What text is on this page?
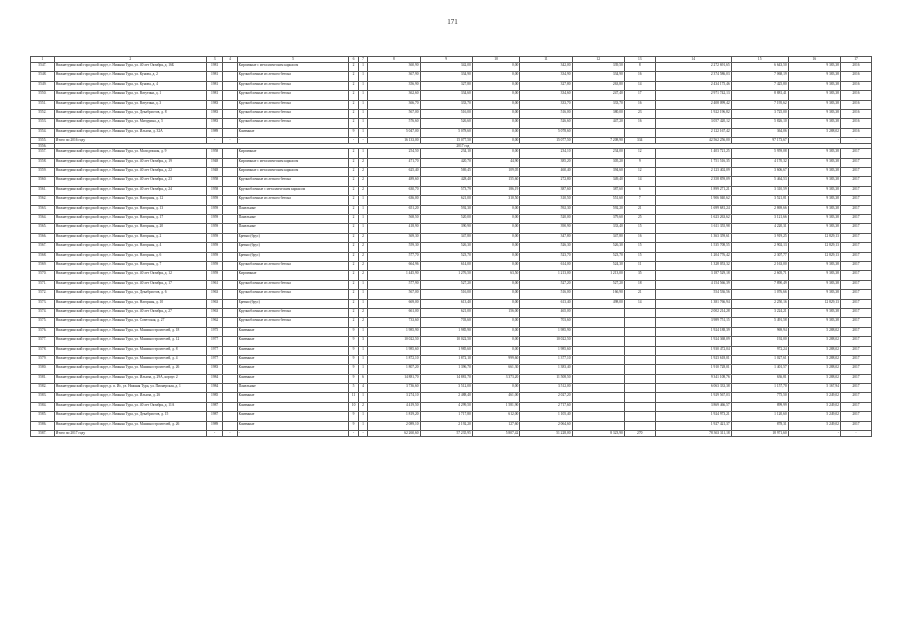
171
1	2	3	4	5	6	7	8	9	10	11	12	13	14	15	16	17
5547.	Нижнетуринский городской округ, г. Нижняя Тура, ул. 40 лет Октября, д. 16Б	1981		Кирпичные с металлическим каркасом	2	1	360,90	342,00	0,00	342,00	339,50	8	2 272 691,65	6 643,50	9 383,38	2016
5548.	Нижнетуринский городской округ, г. Нижняя Тура, ул. Кунова, д. 2	1981		Крупноблочные из легкого бетона	2	1	367,90	334,90	0,00	334,90	334,90	16	2 374 586,03	7 068,19	9 383,38	2016
5549.	Нижнетуринский городской округ, г. Нижняя Тура, ул. Кунова, д. 4	1981		Крупноблочные из легкого бетона	2	1	356,90	327,80	0,00	327,80	263,80	14	2 434 175,46	7 425,80	9 383,38	2016
5550.	Нижнетуринский городской округ, г. Нижняя Тура, ул. Ватутина, д. 1	1981		Крупноблочные из легкого бетона	2	1	362,60	334,60	0,00	334,60	247,40	17	2 971 742,13	8 881,41	9 383,38	2016
5551.	Нижнетуринский городской округ, г. Нижняя Тура, ул. Ватутина, д. 3	1983		Крупноблочные из легкого бетона	2	1	366,70	333,70	0,00	333,70	333,70	16	2 408 099,42	7 195,62	9 383,38	2016
5552.	Нижнетуринский городской округ, г. Нижняя Тура, ул. Декабристов, д. 8	1983		Крупноблочные из легкого бетона	2	1	567,00	516,00	0,00	516,00	380,00	23	1 922 196,82	3 725,00	9 383,38	2016
5553.	Нижнетуринский городской округ, г. Нижняя Тура, ул. Мичурина, д. 5	1983		Крупноблочные из легкого бетона	2	1	576,60	526,60	0,00	526,60	447,20	16	3 057 420,12	5 826,10	9 383,38	2016
5554.	Нижнетуринский городской округ, г. Нижняя Тура, ул. Ильича, д. 32А	1989		Каменные	9	1	5 047,00	5 078,60	0,00	5 078,60			2 122 167,42	364,06	5 288,02	2016
5555.	Итого по 2016 году	-	-	-	-	-	16 133,00	15 077,50	0,00	15 077,50	7 208,90	334	42 562 256,00	97 173,67	-	-
5556.	2017 год															
5557.	Нижнетуринский городской округ, г. Нижняя Тура, ул. Молодежная, д. 9	1958		Кирпичные	2	1	254,50	234,10	0,00	234,10	234,00	12	1 403 721,25	5 959,08	9 383,38	2017
5558.	Нижнетуринский городской округ, г. Нижняя Тура, ул. 40 лет Октября, д. 19	1948		Кирпичные с металлическим каркасом	2	2	471,70	420,70	44,90	385,20	305,20	9	1 751 516,35	4 170,32	9 383,38	2017
5559.	Нижнетуринский городской округ, г. Нижняя Тура, ул. 40 лет Октября, д. 22	1948		Кирпичные с металлическим каркасом	2	2	625,40	569,45	109,05	460,40	394,60	12	2 123 402,09	3 606,67	9 383,38	2017
5560.	Нижнетуринский городской округ, г. Нижняя Тура, ул. 40 лет Октября, д. 23	1958		Крупноблочные из легкого бетона	2	2	489,60	428,40	155,60	272,80	349,40	14	2 358 859,09	5 464,53	9 383,38	2017
5561.	Нижнетуринский городской округ, г. Нижняя Тура, ул. 40 лет Октября, д. 24	1958		Крупноблочные с металлическим каркасом	2	2	630,70	573,79	186,19	387,60	387,60	6	1 899 271,21	3 310,59	9 383,38	2017
5562.	Нижнетуринский городской округ, г. Нижняя Тура, ул. Нагорная, д. 12	1959		Крупноблочные из легкого бетона	2	1	636,00	621,00	310,50	310,50	551,60	7	1 906 040,62	3 521,81	9 383,38	2017
5563.	Нижнетуринский городской округ, г. Нижняя Тура, ул. Нагорная, д. 13	1959		Панельные	2	1	651,20	592,30	0,00	592,30	592,20	21	1 699 681,24	2 869,66	9 383,38	2017
5564.	Нижнетуринский городской округ, г. Нижняя Тура, ул. Нагорная, д. 17	1959		Панельные	2	1	568,50	520,00	0,00	520,00	379,60	25	1 623 263,62	3 121,66	9 383,38	2017
5565.	Нижнетуринский городской округ, г. Нижняя Тура, ул. Нагорная, д. 20	1959		Панельные	2	1	418,90	390,90	0,00	390,90	333,40	15	1 611 355,98	4 220,31	9 383,38	2017
5566.	Нижнетуринский городской округ, г. Нижняя Тура, ул. Нагорная, д. 2	1959		Бревно (брус)	2	2	369,30	347,80	0,00	347,80	347,80	16	1 363 359,61	3 919,25	12 829,13	2017
5567.	Нижнетуринский городской округ, г. Нижняя Тура, ул. Нагорная, д. 4	1959		Бревно (брус)	2	2	559,30	526,30	0,00	526,30	526,30	15	1 535 708,55	2 902,13	12 829,13	2017
5568.	Нижнетуринский городской округ, г. Нижняя Тура, ул. Нагорная, д. 6	1959		Бревно (брус)	2	2	577,70	523,70	0,00	523,70	523,70	15	1 204 776,42	2 307,77	12 829,13	2017
5569.	Нижнетуринский городской округ, г. Нижняя Тура, ул. Нагорная, д. 7	1959		Крупноблочные из легкого бетона	2	2	664,96	614,00	0,00	614,00	524,30	11	1 328 053,32	2 163,00	9 383,38	2017
5570.	Нижнетуринский городской округ, г. Нижняя Тура, ул. 40 лет Октября, д. 12	1959		Кирпичные	2	2	1 445,90	1 276,50	63,50	1 213,00	1 213,00	35	3 187 529,18	2 605,71	9 383,38	2017
5571.	Нижнетуринский городской округ, г. Нижняя Тура, ул. 40 лет Октября, д. 17	1961		Крупноблочные из легкого бетона	2	1	577,90	527,20	0,00	527,20	527,20	18	4 154 566,39	7 890,49	9 383,38	2017
5572.	Нижнетуринский городской округ, г. Нижняя Тура, ул. Декабристов, д. 6	1963		Крупноблочные из легкого бетона	2	1	567,00	516,00	0,00	516,00	166,90	21	554 536,56	1 076,66	9 383,38	2017
5573.	Нижнетуринский городской округ, г. Нижняя Тура, ул. Нагорная, д. 10	1963		Бревно (брус)	2	1	669,00	613,40	0,00	613,40	498,00	14	1 381 766,94	2 250,16	12 829,13	2017
5574.	Нижнетуринский городской округ, г. Нижняя Тура, ул. 40 лет Октября, д. 27	1963		Крупноблочные из легкого бетона	2	2	661,00	621,00	156,00	465,00			2 002 214,28	3 224,21	9 383,38	2017
5575.	Нижнетуринский городской округ, г. Нижняя Тура, ул. Советская, д. 27	1962		Крупноблочные из легкого бетона	2	2	733,60	703,60	0,00	703,60			3 989 751,15	5 491,58	9 383,38	2017
5576.	Нижнетуринский городской округ, г. Нижняя Тура, ул. Машиностроителей, д. 18	1975		Каменные	9	1	1 985,90	1 985,90	0,00	1 985,90			1 924 188,39	969,94	5 288,02	2017
5577.	Нижнетуринский городской округ, г. Нижняя Тура, ул. Машиностроителей, д. 12	1977		Каменные	9	3	10 022,50	10 022,50	0,00	10 022,50			1 924 368,09	192,00	5 288,02	2017
5578.	Нижнетуринский городской округ, г. Нижняя Тура, ул. Машиностроителей, д. 8	1977		Каменные	9	1	1 985,60	1 985,60	0,00	1 985,60			1 930 472,04	972,24	5 288,02	2017
5579.	Нижнетуринский городской округ, г. Нижняя Тура, ул. Машиностроителей, д. 4	1977		Каменные	9	1	1 872,10	1 872,10	999,60	1 377,10			1 923 618,01	1 027,61	5 288,02	2017
5580.	Нижнетуринский городской округ, г. Нижняя Тура, ул. Машиностроителей, д. 26	1983		Каменные	9	1	1 807,20	1 396,70	661,30	1 383,40			1 910 728,01	1 401,57	5 288,02	2017
5581.	Нижнетуринский городской округ, г. Нижняя Тура, ул. Ильича, д. 29А, корпус 2	1984		Каменные	9	6	14 881,70	14 881,70	3 373,20	11 508,50			9 341 108,76	636,81	5 288,02	2017
5582.	Нижнетуринский городской округ, р. п. Ис, ул. Нижняя Тура, ул. Пионерская, д. 1	1984		Панельные	5	4	3 736,60	3 512,00	0,00	3 512,00			6 063 333,38	1 157,70	5 167,94	2017
5583.	Нижнетуринский городской округ, г. Нижняя Тура, ул. Ильича, д. 26	1985		Каменные	11	1	3 274,10	2 488,40	461,00	2 027,20			1 929 567,03	775,50	5 249,02	2017
5584.	Нижнетуринский городской округ, г. Нижняя Тура, ул. 40 лет Октября, д. 11А	1987		Каменные	10	2	4 419,50	4 299,50	1 581,90	2 717,60			3 869 466,57	899,99	5 249,02	2017
5585.	Нижнетуринский городской округ, г. Нижняя Тура, ул. Декабристов, д. 15	1987		Каменные	9	1	1 819,20	1 717,80	612,00	1 105,40			1 924 973,21	1 120,60	5 249,02	2017
5586.	Нижнетуринский городской округ, г. Нижняя Тура, ул. Машиностроителей, д. 26	1989		Каменные	9	1	2 089,10	2 192,20	127,60	2 064,60			1 927 421,37	878,31	5 249,02	2017
5587.	Итого по 2017 году	-	-	-	-	-	62 260,60	57 235,95	5 807,42	51 228,00	8 323,90	270	78 363 311,18	18 971,60	-	-
